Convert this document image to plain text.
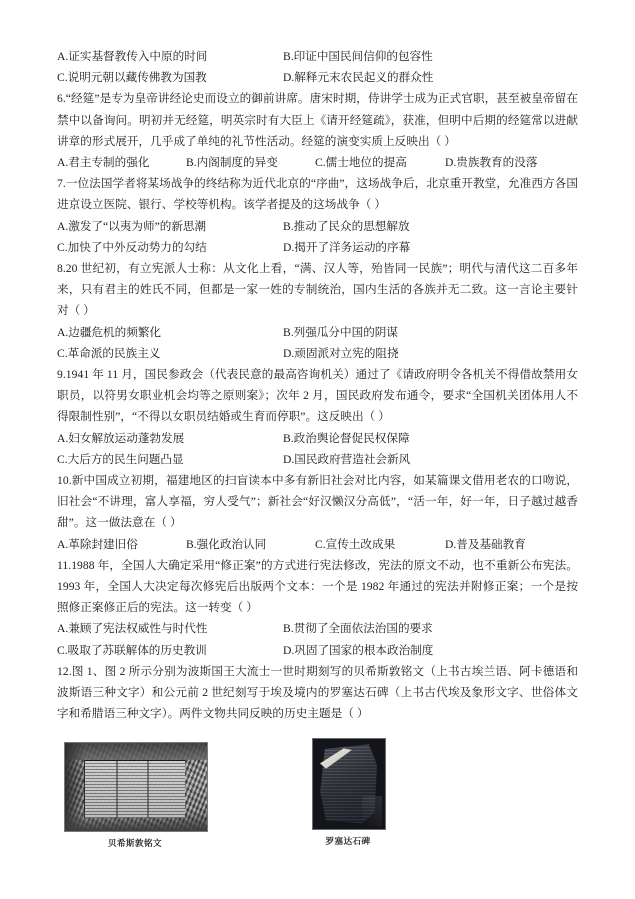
A.证实基督教传入中原的时间	B.印证中国民间信仰的包容性
C.说明元朝以藏传佛教为国教	D.解释元末农民起义的群众性
6.“经筵”是专为皇帝讲经论史而设立的御前讲席。唐宋时期，侍讲学士成为正式官职，甚至被皇帝留在禁中以备询问。明初并无经筵，明英宗时有大臣上《请开经筵疏》，获准，但明中后期的经筵常以进献讲章的形式展开，几乎成了单纯的礼节性活动。经筵的演变实质上反映出（ ）
A.君主专制的强化	B.内阁制度的异变	C.儒士地位的提高	D.贵族教育的没落
7.一位法国学者将某场战争的终结称为近代北京的“序曲”，这场战争后，北京重开教堂，允准西方各国进京设立医院、银行、学校等机构。该学者提及的这场战争（ ）
A.激发了“以夷为师”的新思潮	B.推动了民众的思想解放
C.加快了中外反动势力的勾结	D.揭开了洋务运动的序幕
8.20 世纪初，有立宪派人士称：从文化上看，“满、汉人等，殆皆同一民族”；明代与清代这二百多年来，只有君主的姓氏不同，但都是一家一姓的专制统治，国内生活的各族并无二致。这一言论主要针对（ ）
A.边疆危机的频繁化	B.列强瓜分中国的阴谋
C.革命派的民族主义	D.顽固派对立宪的阻挠
9.1941 年 11 月，国民参政会（代表民意的最高咨询机关）通过了《请政府明令各机关不得借故禁用女职员，以符男女职业机会均等之原则案》；次年 2 月，国民政府发布通令，要求“全国机关团体用人不得限制性别”，“不得以女职员结婚或生育而停职”。这反映出（ ）
A.妇女解放运动蓬勃发展	B.政治舆论督促民权保障
C.大后方的民生问题凸显	D.国民政府营造社会新风
10.新中国成立初期，福建地区的扫盲读本中多有新旧社会对比内容，如某篇课文借用老农的口吻说，旧社会“不讲理，富人享福，穷人受气”；新社会“好汉懒汉分高低”，“活一年，好一年，日子越过越香甜”。这一做法意在（ ）
A.革除封建旧俗	B.强化政治认同	C.宣传土改成果	D.普及基础教育
11.1988 年，全国人大确定采用“修正案”的方式进行宪法修改，宪法的原文不动，也不重新公布宪法。1993 年，全国人大决定每次修宪后出版两个文本：一个是 1982 年通过的宪法并附修正案；一个是按照修正案修正后的宪法。这一转变（ ）
A.兼顾了宪法权威性与时代性	B.贯彻了全面依法治国的要求
C.吸取了苏联解体的历史教训	D.巩固了国家的根本政治制度
12.图 1、图 2 所示分别为波斯国王大流士一世时期刻写的贝希斯敦铭文（上书古埃兰语、阿卡德语和波斯语三种文字）和公元前 2 世纪刻写于埃及境内的罗塞达石碑（上书古代埃及象形文字、世俗体文字和希腊语三种文字）。两件文物共同反映的历史主题是（ ）
贝希斯敦铭文	罗塞达石碑
